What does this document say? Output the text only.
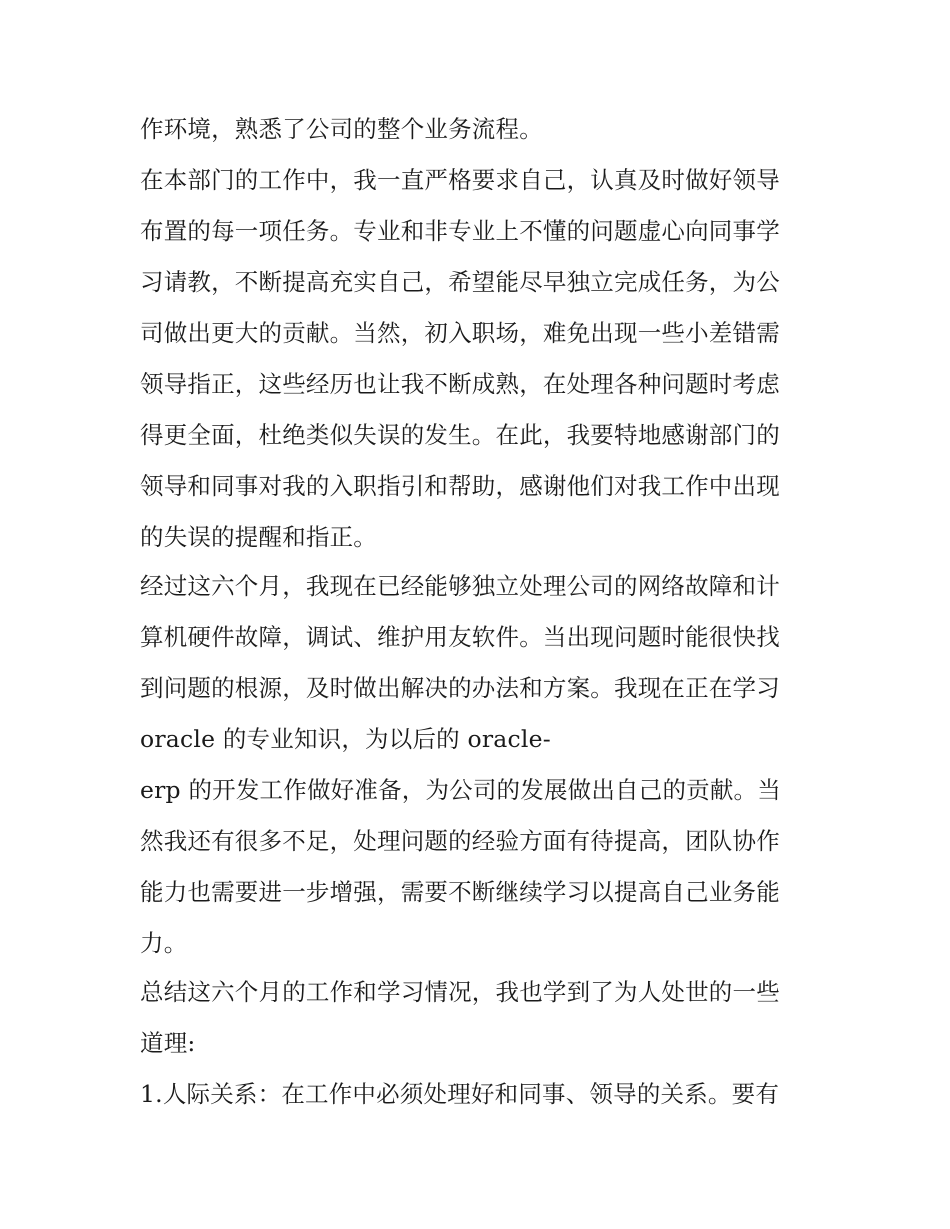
作环境，熟悉了公司的整个业务流程。
在本部门的工作中，我一直严格要求自己，认真及时做好领导
布置的每一项任务。专业和非专业上不懂的问题虚心向同事学
习请教，不断提高充实自己，希望能尽早独立完成任务，为公
司做出更大的贡献。当然，初入职场，难免出现一些小差错需
领导指正，这些经历也让我不断成熟，在处理各种问题时考虑
得更全面，杜绝类似失误的发生。在此，我要特地感谢部门的
领导和同事对我的入职指引和帮助，感谢他们对我工作中出现
的失误的提醒和指正。
经过这六个月，我现在已经能够独立处理公司的网络故障和计
算机硬件故障，调试、维护用友软件。当出现问题时能很快找
到问题的根源，及时做出解决的办法和方案。我现在正在学习
oracle 的专业知识，为以后的 oracle-
erp 的开发工作做好准备，为公司的发展做出自己的贡献。当
然我还有很多不足，处理问题的经验方面有待提高，团队协作
能力也需要进一步增强，需要不断继续学习以提高自己业务能
力。
总结这六个月的工作和学习情况，我也学到了为人处世的一些
道理:
1.人际关系：在工作中必须处理好和同事、领导的关系。要有
